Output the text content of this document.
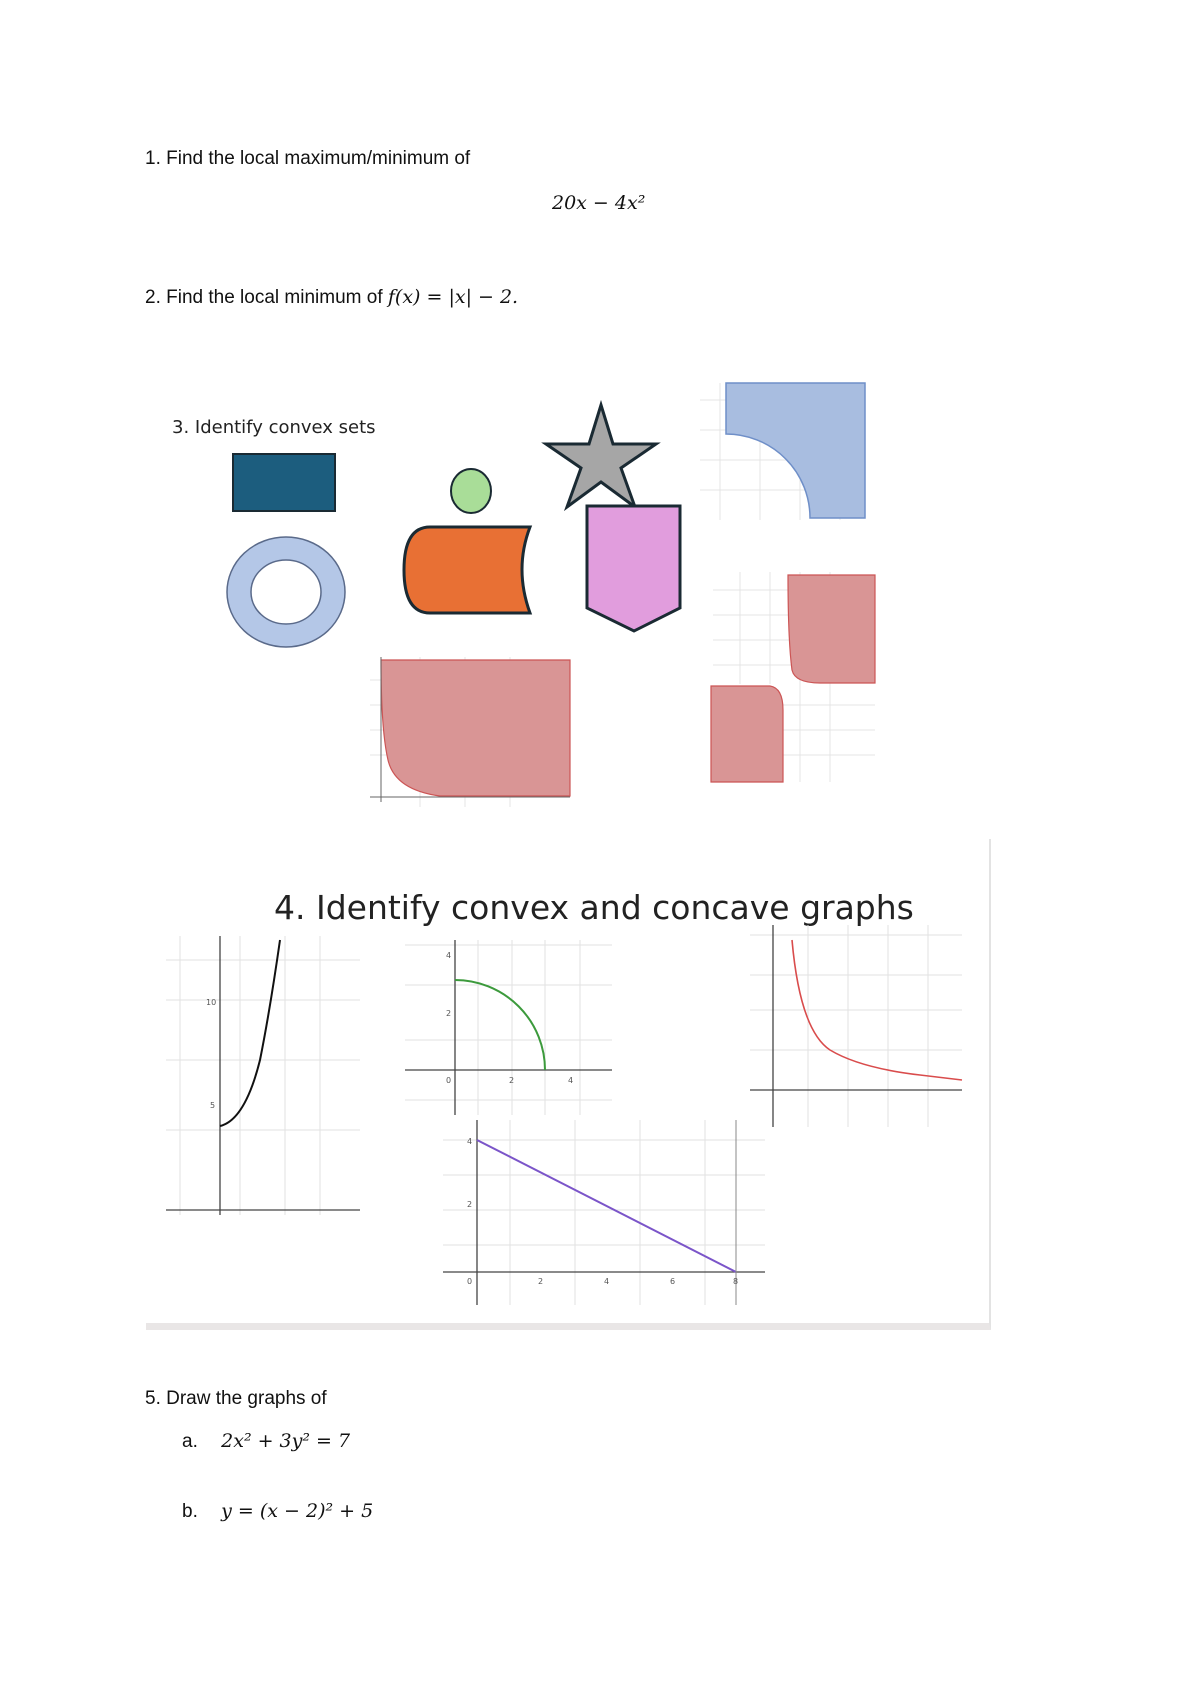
1. Find the local maximum/minimum of
20x − 4x²
2. Find the local minimum of f(x) = |x| − 2.
3. Identify convex sets
4. Identify convex and concave graphs
10
5
4
2
0	2	4
4
2
0	2	4	6	8
5. Draw the graphs of
a. 2x² + 3y² = 7
b. y = (x − 2)² + 5
